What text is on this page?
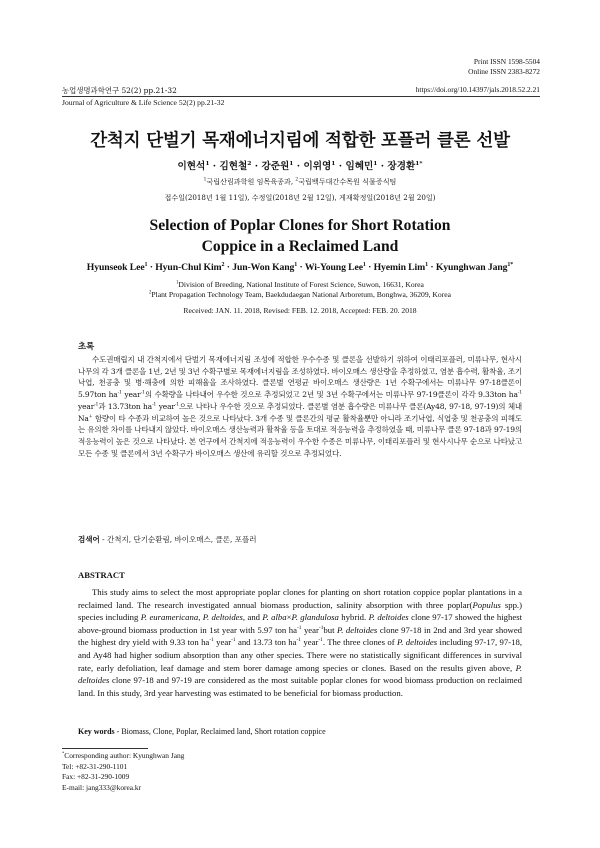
Print ISSN 1598-5504
Online ISSN 2383-8272
농업생명과학연구 52(2) pp.21-32	https://doi.org/10.14397/jals.2018.52.2.21
Journal of Agriculture & Life Science 52(2) pp.21-32
간척지 단벌기 목재에너지림에 적합한 포플러 클론 선발
이현석$^1$ · 김현철$^2$ · 강준원$^1$ · 이위영$^1$ · 임혜민$^1$ · 장경환$^{1*}$
$^1$국립산림과학원 임목육종과, $^2$국립백두대간수목원 식물증식팀
접수일(2018년 1월 11일), 수정일(2018년 2월 12일), 게재확정일(2018년 2월 20일)
Selection of Poplar Clones for Short Rotation
Coppice in a Reclaimed Land
Hyunseok Lee$^1$ · Hyun-Chul Kim$^2$ · Jun-Won Kang$^1$ · Wi-Young Lee$^1$ · Hyemin Lim$^1$ · Kyunghwan Jang$^{1*}$
$^1$Division of Breeding, National Institute of Forest Science, Suwon, 16631, Korea
$^2$Plant Propagation Technology Team, Baekdudaegan National Arboretum, Bonghwa, 36209, Korea
Received: JAN. 11. 2018, Revised: FEB. 12. 2018, Accepted: FEB. 20. 2018
초록
수도권매립지 내 간척지에서 단벌기 목재에너지림 조성에 적합한 우수수종 및 클론을 선발하기 위하여 이태리포플러, 미류나무, 현사시나무의 각 3개 클론을 1년, 2년 및 3년 수확구별로 목재에너지림을 조성하였다. 바이오매스 생산량을 추정하였고, 염분 흡수력, 활착율, 조기낙엽, 천공충 및 병·해충에 의한 피해율을 조사하였다. 클론별 연평균 바이오매스 생산량은 1년 수확구에서는 미류나무 97-18클론이 5.97ton $ha^{-1}$ year$^{-1}$의 수확량을 나타내어 우수한 것으로 추정되었고 2년 및 3년 수확구에서는 미류나무 97-19클론이 각각 9.33ton $ha^{-1}$ year$^{-1}$과 13.73ton $ha^{-1}$ year$^{-1}$으로 나타나 우수한 것으로 추정되었다. 클론별 염분 흡수량은 미류나무 클론(Ay48, 97-18, 97-19)의 체내 Na+ 함량이 타 수종과 비교하여 높은 것으로 나타났다. 3개 수종 및 클론간의 평균 활착율뿐만 아니라 조기낙엽, 식엽충 및 천공충의 피해도는 유의한 차이를 나타내지 않았다. 바이오매스 생산능력과 활착율 등을 토대로 적응능력을 추정하였을 때, 미류나무 클론 97-18과 97-19의 적응능력이 높은 것으로 나타났다. 본 연구에서 간척지에 적응능력이 우수한 수종은 미류나무, 이태리포플러 및 현사시나무 순으로 나타났고 모든 수종 및 클론에서 3년 수확구가 바이오매스 생산에 유리할 것으로 추정되었다.
검색어 - 간척지, 단기순환림, 바이오매스, 클론, 포플러
ABSTRACT
This study aims to select the most appropriate poplar clones for planting on short rotation coppice poplar plantations in a reclaimed land. The research investigated annual biomass production, salinity absorption with three poplar(Populus spp.) species including P. euramericana, P. deltoides, and P. alba×P. glandulosa hybrid. P. deltoides clone 97-17 showed the highest above-ground biomass production in 1st year with 5.97 ton $ha^{-1}$ year$^{-1}$but P. deltoides clone 97-18 in 2nd and 3rd year showed the highest dry yield with 9.33 ton $ha^{-1}$ year$^{-1}$ and 13.73 ton $ha^{-1}$ year$^{-1}$. The three clones of P. deltoides including 97-17, 97-18, and Ay48 had higher sodium absorption than any other species. There were no statistically significant differences in survival rate, early defoliation, leaf damage and stem borer damage among species or clones. Based on the results given above, P. deltoides clone 97-18 and 97-19 are considered as the most suitable poplar clones for wood biomass production on reclaimed land. In this study, 3rd year harvesting was estimated to be beneficial for biomass production.
Key words - Biomass, Clone, Poplar, Reclaimed land, Short rotation coppice
*Corresponding author: Kyunghwan Jang
Tel: +82-31-290-1101
Fax: +82-31-290-1009
E-mail: jang333@korea.kr
